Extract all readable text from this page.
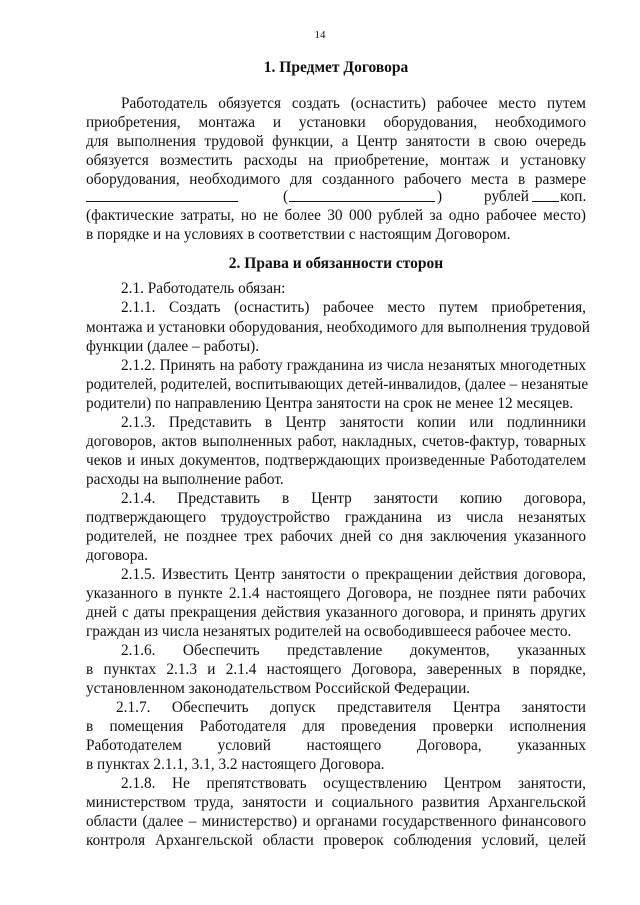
14
1. Предмет Договора
Работодатель обязуется создать (оснастить) рабочее место путем
приобретения, монтажа и установки оборудования, необходимого
для выполнения трудовой функции, а Центр занятости в свою очередь
обязуется возместить расходы на приобретение, монтаж и установку
оборудования, необходимого для созданного рабочего места в размере
(	)	рублей коп.
(фактические затраты, но не более 30 000 рублей за одно рабочее место)
в порядке и на условиях в соответствии с настоящим Договором.
2. Права и обязанности сторон
2.1. Работодатель обязан:
2.1.1. Создать (оснастить) рабочее место путем приобретения,
монтажа и установки оборудования, необходимого для выполнения трудовой
функции (далее – работы).
2.1.2. Принять на работу гражданина из числа незанятых многодетных
родителей, родителей, воспитывающих детей-инвалидов, (далее – незанятые
родители) по направлению Центра занятости на срок не менее 12 месяцев.
2.1.3. Представить в Центр занятости копии или подлинники
договоров, актов выполненных работ, накладных, счетов-фактур, товарных
чеков и иных документов, подтверждающих произведенные Работодателем
расходы на выполнение работ.
2.1.4. Представить в Центр занятости копию договора,
подтверждающего трудоустройство гражданина из числа незанятых
родителей, не позднее трех рабочих дней со дня заключения указанного
договора.
2.1.5. Известить Центр занятости о прекращении действия договора,
указанного в пункте 2.1.4 настоящего Договора, не позднее пяти рабочих
дней с даты прекращения действия указанного договора, и принять других
граждан из числа незанятых родителей на освободившееся рабочее место.
2.1.6. Обеспечить представление документов, указанных
в пунктах 2.1.3 и 2.1.4 настоящего Договора, заверенных в порядке,
установленном законодательством Российской Федерации.
2.1.7. Обеспечить допуск представителя Центра занятости
в помещения Работодателя для проведения проверки исполнения
Работодателем условий настоящего Договора, указанных
в пунктах 2.1.1, 3.1, 3.2 настоящего Договора.
2.1.8. Не препятствовать осуществлению Центром занятости,
министерством труда, занятости и социального развития Архангельской
области (далее – министерство) и органами государственного финансового
контроля Архангельской области проверок соблюдения условий, целей
